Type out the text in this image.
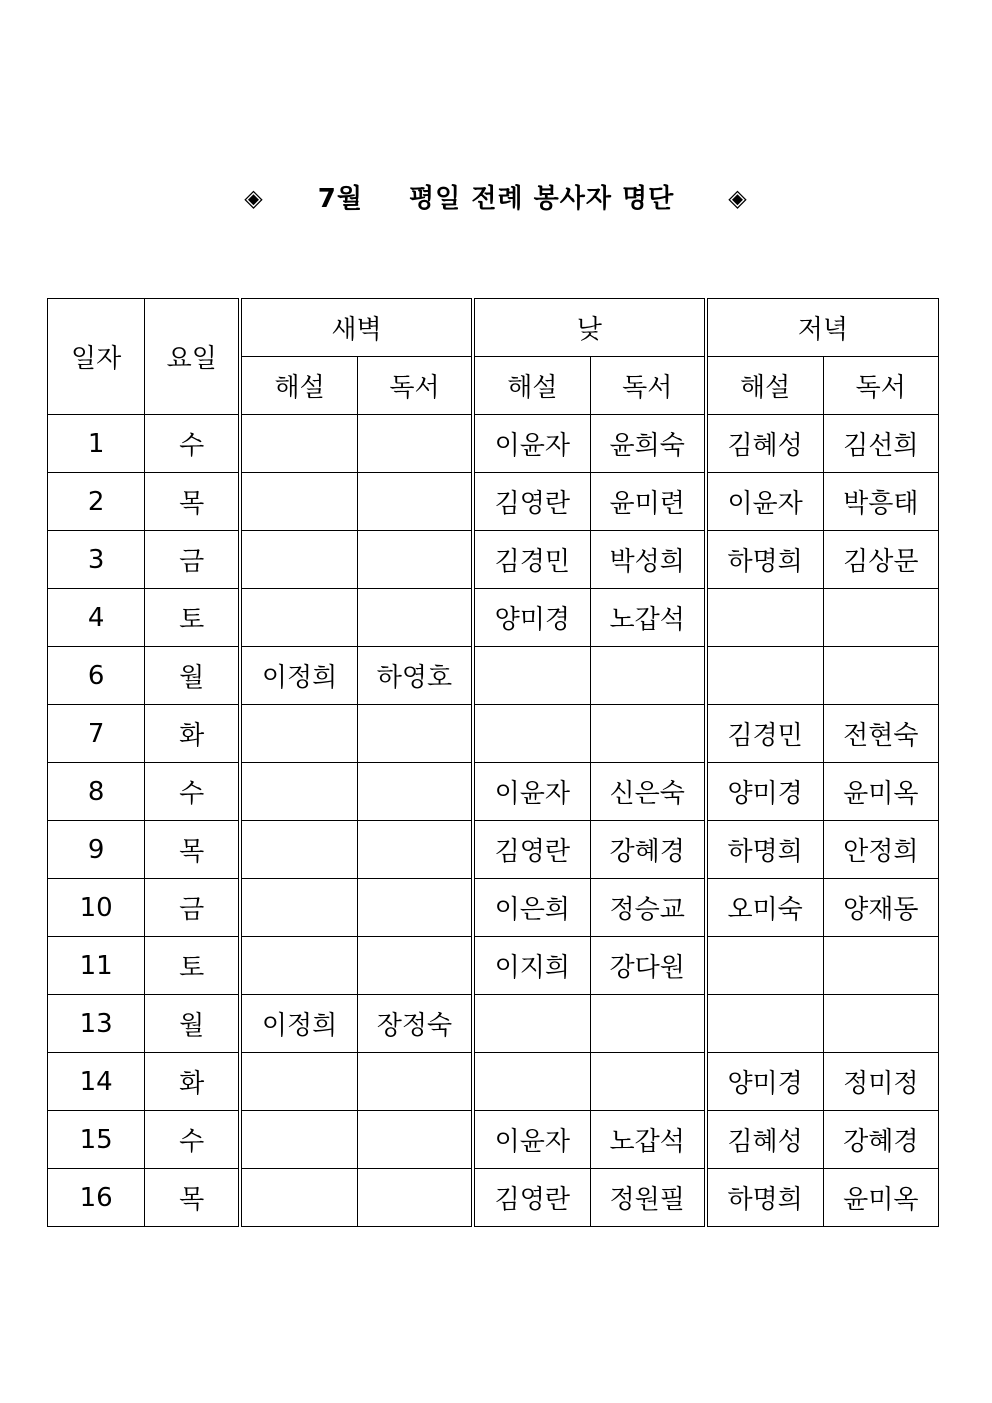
◈ 7월 평일 전례 봉사자 명단 ◈
일자	요일	새벽		낮		저녁	
		해설	독서	해설	독서	해설	독서
1	수			이윤자	윤희숙	김혜성	김선희
2	목			김영란	윤미련	이윤자	박흥태
3	금			김경민	박성희	하명희	김상문
4	토			양미경	노갑석		
6	월	이정희	하영호				
7	화					김경민	전현숙
8	수			이윤자	신은숙	양미경	윤미옥
9	목			김영란	강혜경	하명희	안정희
10	금			이은희	정승교	오미숙	양재동
11	토			이지희	강다원		
13	월	이정희	장정숙				
14	화					양미경	정미정
15	수			이윤자	노갑석	김혜성	강혜경
16	목			김영란	정원필	하명희	윤미옥
